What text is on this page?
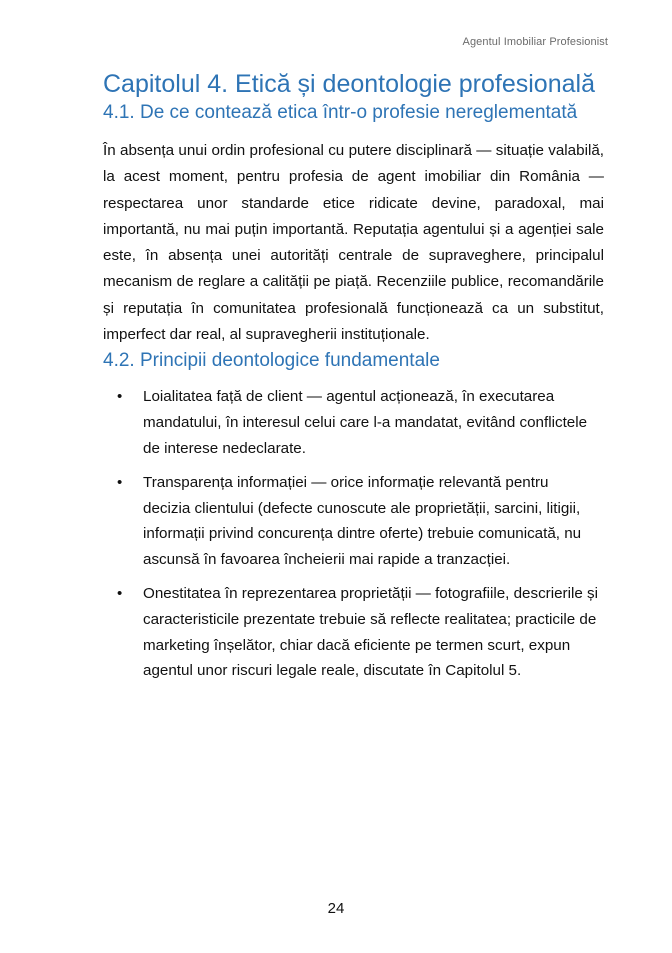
Agentul Imobiliar Profesionist
Capitolul 4. Etică și deontologie profesională
4.1. De ce contează etica într-o profesie nereglementată

În absența unui ordin profesional cu putere disciplinară — situație valabilă, la acest moment, pentru profesia de agent imobiliar din România — respectarea unor standarde etice ridicate devine, paradoxal, mai importantă, nu mai puțin importantă. Reputația agentului și a agenției sale este, în absența unei autorități centrale de supraveghere, principalul mecanism de reglare a calității pe piață. Recenziile publice, recomandările și reputația în comunitatea profesională funcționează ca un substitut, imperfect dar real, al supravegherii instituționale.

4.2. Principii deontologice fundamentale
• Loialitatea față de client — agentul acționează, în executarea mandatului, în interesul celui care l-a mandatat, evitând conflictele de interese nedeclarate.
• Transparența informației — orice informație relevantă pentru decizia clientului (defecte cunoscute ale proprietății, sarcini, litigii, informații privind concurența dintre oferte) trebuie comunicată, nu ascunsă în favoarea încheierii mai rapide a tranzacției.
• Onestitatea în reprezentarea proprietății — fotografiile, descrierile și caracteristicile prezentate trebuie să reflecte realitatea; practicile de marketing înșelător, chiar dacă eficiente pe termen scurt, expun agentul unor riscuri legale reale, discutate în Capitolul 5.
24
